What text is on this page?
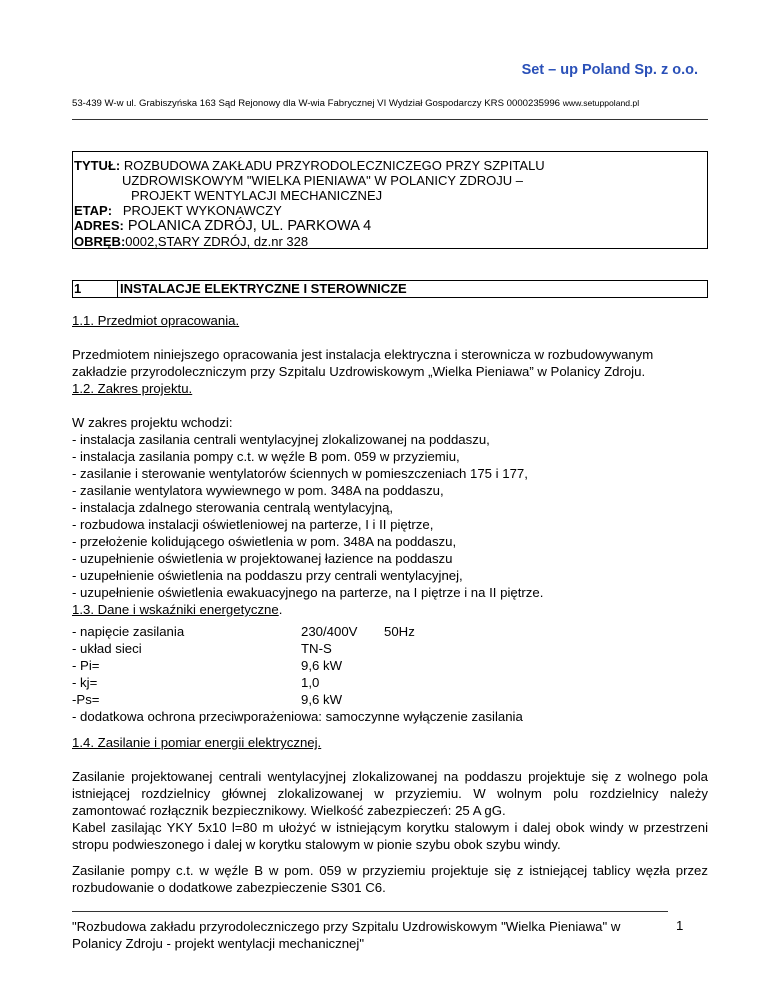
Set – up Poland Sp. z o.o.
53-439 W-w ul. Grabiszyńska 163 Sąd Rejonowy dla W-wia Fabrycznej VI Wydział Gospodarczy KRS 0000235996 www.setuppoland.pl
TYTUŁ: ROZBUDOWA ZAKŁADU PRZYRODOLECZNICZEGO PRZY SZPITALU
UZDROWISKOWYM "WIELKA PIENIAWA" W POLANICY ZDROJU –
PROJEKT WENTYLACJI MECHANICZNEJ
ETAP:   PROJEKT WYKONAWCZY
ADRES: POLANICA ZDRÓJ, UL. PARKOWA 4
OBRĘB:0002,STARY ZDRÓJ, dz.nr 328
1	INSTALACJE ELEKTRYCZNE I STEROWNICZE
1.1. Przedmiot opracowania.
Przedmiotem niniejszego opracowania jest instalacja elektryczna i sterownicza w rozbudowywanym zakładzie przyrodoleczniczym przy Szpitalu Uzdrowiskowym „Wielka Pieniawa” w Polanicy Zdroju.
1.2. Zakres projektu.
W zakres projektu wchodzi:
- instalacja zasilania centrali wentylacyjnej zlokalizowanej na poddaszu,
- instalacja zasilania pompy c.t. w węźle B pom. 059 w przyziemiu,
- zasilanie i sterowanie wentylatorów ściennych w pomieszczeniach 175 i 177,
- zasilanie wentylatora wywiewnego w pom. 348A na poddaszu,
- instalacja zdalnego sterowania centralą wentylacyjną,
- rozbudowa instalacji oświetleniowej na parterze, I i II piętrze,
- przełożenie kolidującego oświetlenia w pom. 348A na poddaszu,
- uzupełnienie oświetlenia w projektowanej łazience na poddaszu
- uzupełnienie oświetlenia na poddaszu przy centrali wentylacyjnej,
- uzupełnienie oświetlenia ewakuacyjnego na parterze, na I piętrze i na II piętrze.
1.3. Dane i wskaźniki energetyczne.
- napięcie zasilania	230/400V 50Hz
- układ sieci	TN-S
- Pi=	9,6 kW
- kj=	1,0
-Ps=	9,6 kW
- dodatkowa ochrona przeciwporażeniowa: samoczynne wyłączenie zasilania
1.4. Zasilanie i pomiar energii elektrycznej.
Zasilanie projektowanej centrali wentylacyjnej zlokalizowanej na poddaszu projektuje się z wolnego pola istniejącej rozdzielnicy głównej zlokalizowanej w przyziemiu. W wolnym polu rozdzielnicy należy zamontować rozłącznik bezpiecznikowy. Wielkość zabezpieczeń: 25 A gG.
Kabel zasilając YKY 5x10 l=80 m ułożyć w istniejącym korytku stalowym i dalej obok windy w przestrzeni stropu podwieszonego i dalej w korytku stalowym w pionie szybu obok szybu windy.
Zasilanie pompy c.t. w węźle B w pom. 059 w przyziemiu projektuje się z istniejącej tablicy węzła przez rozbudowanie o dodatkowe zabezpieczenie S301 C6.
"Rozbudowa zakładu przyrodoleczniczego przy Szpitalu Uzdrowiskowym "Wielka Pieniawa" w Polanicy Zdroju - projekt wentylacji mechanicznej"
1
